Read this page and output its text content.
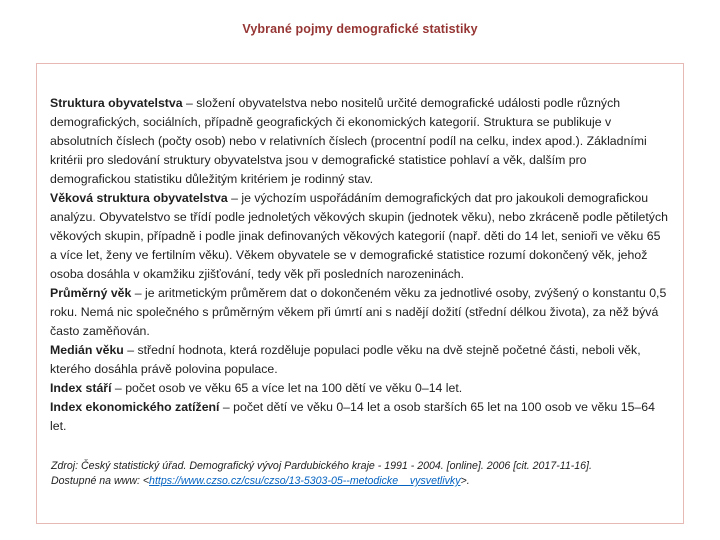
Vybrané pojmy demografické statistiky

Struktura obyvatelstva – složení obyvatelstva nebo nositelů určité demografické události podle různých demografických, sociálních, případně geografických či ekonomických kategorií. Struktura se publikuje v absolutních číslech (počty osob) nebo v relativních číslech (procentní podíl na celku, index apod.). Základními kritérii pro sledování struktury obyvatelstva jsou v demografické statistice pohlaví a věk, dalším pro demografickou statistiku důležitým kritériem je rodinný stav.

Věková struktura obyvatelstva – je výchozím uspořádáním demografických dat pro jakoukoli demografickou analýzu. Obyvatelstvo se třídí podle jednoletých věkových skupin (jednotek věku), nebo zkráceně podle pětiletých věkových skupin, případně i podle jinak definovaných věkových kategorií (např. děti do 14 let, senioři ve věku 65 a více let, ženy ve fertilním věku). Věkem obyvatele se v demografické statistice rozumí dokončený věk, jehož osoba dosáhla v okamžiku zjišťování, tedy věk při posledních narozeninách.

Průměrný věk – je aritmetickým průměrem dat o dokončeném věku za jednotlivé osoby, zvýšený o konstantu 0,5 roku. Nemá nic společného s průměrným věkem při úmrtí ani s nadějí dožití (střední délkou života), za něž bývá často zaměňován.

Medián věku – střední hodnota, která rozděluje populaci podle věku na dvě stejně početné části, neboli věk, kterého dosáhla právě polovina populace.

Index stáří – počet osob ve věku 65 a více let na 100 dětí ve věku 0–14 let.

Index ekonomického zatížení – počet dětí ve věku 0–14 let a osob starších 65 let na 100 osob ve věku 15–64 let.

Zdroj: Český statistický úřad. Demografický vývoj Pardubického kraje - 1991 - 2004. [online]. 2006 [cit. 2017-11-16].
Dostupné na www: <https://www.czso.cz/csu/czso/13-5303-05--metodicke__vysvetlivky>.
